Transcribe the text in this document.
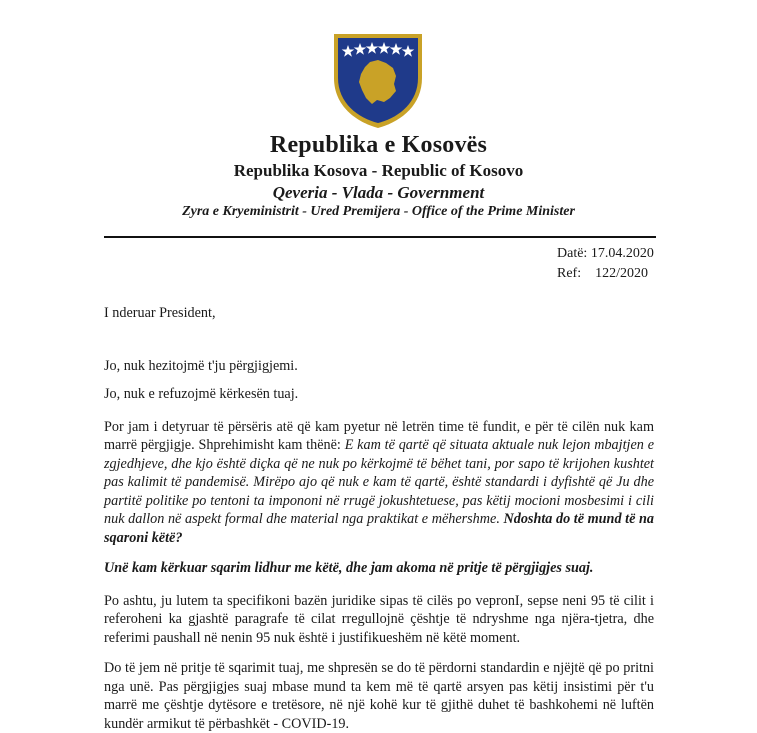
Republika e Kosovës
Republika Kosova - Republic of Kosovo
Qeveria - Vlada - Government
Zyra e Kryeministrit - Ured Premijera - Office of the Prime Minister
Datë: 17.04.2020
Ref:    122/2020

I nderuar President,

Jo, nuk hezitojmë t'ju përgjigjemi.

Jo, nuk e refuzojmë kërkesën tuaj.

Por jam i detyruar të përsëris atë që kam pyetur në letrën time të fundit, e për të cilën nuk kam marrë përgjigje. Shprehimisht kam thënë: E kam të qartë që situata aktuale nuk lejon mbajtjen e zgjedhjeve, dhe kjo është diçka që ne nuk po kërkojmë të bëhet tani, por sapo të krijohen kushtet pas kalimit të pandemisë. Mirëpo ajo që nuk e kam të qartë, është standardi i dyfishtë që Ju dhe partitë politike po tentoni ta impononi në rrugë jokushtetuese, pas këtij mocioni mosbesimi i cili nuk dallon në aspekt formal dhe material nga praktikat e mëhershme. Ndoshta do të mund të na sqaroni këtë?

Unë kam kërkuar sqarim lidhur me këtë, dhe jam akoma në pritje të përgjigjes suaj.

Po ashtu, ju lutem ta specifikoni bazën juridike sipas të cilës po vepronI, sepse neni 95 të cilit i referoheni ka gjashtë paragrafe të cilat rregullojnë çështje të ndryshme nga njëra-tjetra, dhe referimi paushall në nenin 95 nuk është i justifikueshëm në këtë moment.

Do të jem në pritje të sqarimit tuaj, me shpresën se do të përdorni standardin e njëjtë që po pritni nga unë. Pas përgjigjes suaj mbase mund ta kem më të qartë arsyen pas këtij insistimi për t'u marrë me çështje dytësore e tretësore, në një kohë kur të gjithë duhet të bashkohemi në luftën kundër armikut të përbashkët - COVID-19.
